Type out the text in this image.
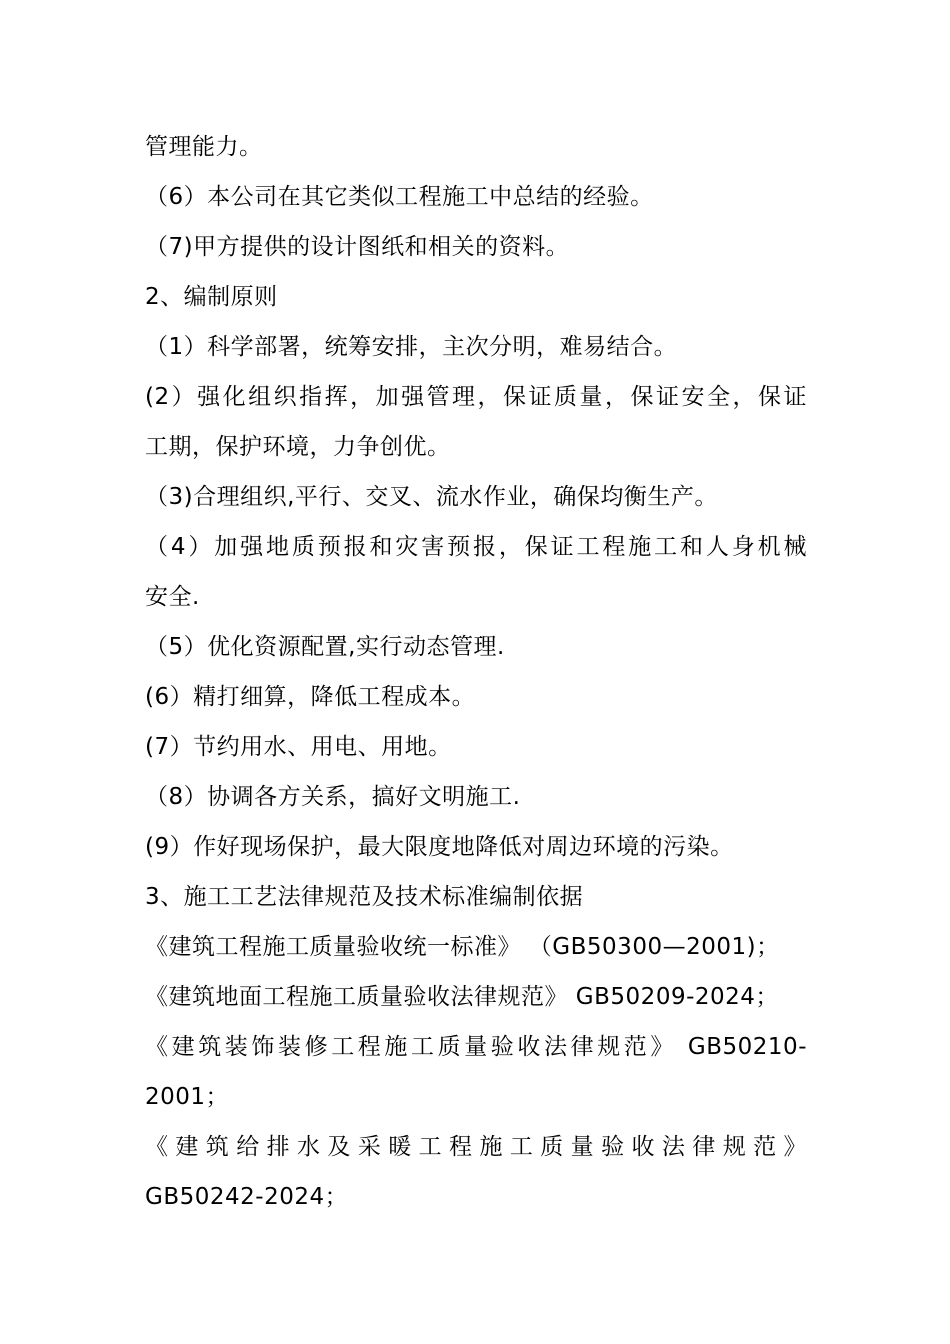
管理能力。
（6）本公司在其它类似工程施工中总结的经验。
（7)甲方提供的设计图纸和相关的资料。
2、编制原则
（1）科学部署，统筹安排，主次分明，难易结合。
(2）强化组织指挥，加强管理，保证质量，保证安全，保证
工期，保护环境，力争创优。
（3)合理组织,平行、交叉、流水作业，确保均衡生产。
（4）加强地质预报和灾害预报，保证工程施工和人身机械
安全.
（5）优化资源配置,实行动态管理.
(6）精打细算，降低工程成本。
(7）节约用水、用电、用地。
（8）协调各方关系，搞好文明施工.
(9）作好现场保护，最大限度地降低对周边环境的污染。
3、施工工艺法律规范及技术标准编制依据
《建筑工程施工质量验收统一标准》 （GB50300—2001)；
《建筑地面工程施工质量验收法律规范》 GB50209-2024；
《建筑装饰装修工程施工质量验收法律规范》 GB50210-
2001；
《建筑给排水及采暖工程施工质量验收法律规范》
GB50242-2024；
